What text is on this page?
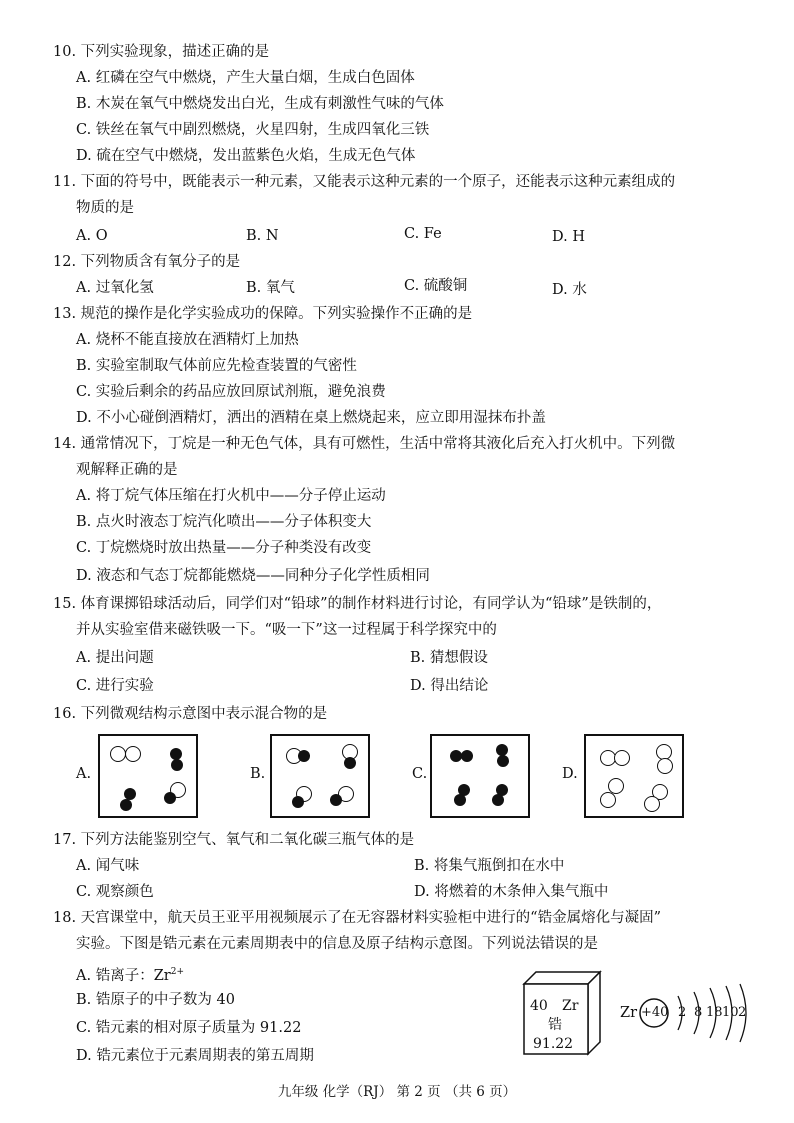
10. 下列实验现象，描述正确的是
A. 红磷在空气中燃烧，产生大量白烟，生成白色固体
B. 木炭在氧气中燃烧发出白光，生成有刺激性气味的气体
C. 铁丝在氧气中剧烈燃烧，火星四射，生成四氧化三铁
D. 硫在空气中燃烧，发出蓝紫色火焰，生成无色气体
11. 下面的符号中，既能表示一种元素，又能表示这种元素的一个原子，还能表示这种元素组成的
物质的是
A. O	B. N	C. Fe	D. H
12. 下列物质含有氧分子的是
A. 过氧化氢	B. 氧气	C. 硫酸铜	D. 水
13. 规范的操作是化学实验成功的保障。下列实验操作不正确的是
A. 烧杯不能直接放在酒精灯上加热
B. 实验室制取气体前应先检查装置的气密性
C. 实验后剩余的药品应放回原试剂瓶，避免浪费
D. 不小心碰倒酒精灯，洒出的酒精在桌上燃烧起来，应立即用湿抹布扑盖
14. 通常情况下，丁烷是一种无色气体，具有可燃性，生活中常将其液化后充入打火机中。下列微
观解释正确的是
A. 将丁烷气体压缩在打火机中——分子停止运动
B. 点火时液态丁烷汽化喷出——分子体积变大
C. 丁烷燃烧时放出热量——分子种类没有改变
D. 液态和气态丁烷都能燃烧——同种分子化学性质相同
15. 体育课掷铅球活动后，同学们对“铅球”的制作材料进行讨论，有同学认为“铅球”是铁制的，
并从实验室借来磁铁吸一下。“吸一下”这一过程属于科学探究中的
A. 提出问题	B. 猜想假设
C. 进行实验	D. 得出结论
16. 下列微观结构示意图中表示混合物的是
A.	B.	C.	D.
17. 下列方法能鉴别空气、氧气和二氧化碳三瓶气体的是
A. 闻气味	B. 将集气瓶倒扣在水中
C. 观察颜色	D. 将燃着的木条伸入集气瓶中
18. 天宫课堂中，航天员王亚平用视频展示了在无容器材料实验柜中进行的“锆金属熔化与凝固”
实验。下图是锆元素在元素周期表中的信息及原子结构示意图。下列说法错误的是
A. 锆离子：$Zr^{2+}$
B. 锆原子的中子数为 40
C. 锆元素的相对原子质量为 91.22
D. 锆元素位于元素周期表的第五周期
40 Zr
锆
91.22
Zr +40 2 8 18 10 2
九年级 化学（RJ） 第 2 页 （共 6 页）
